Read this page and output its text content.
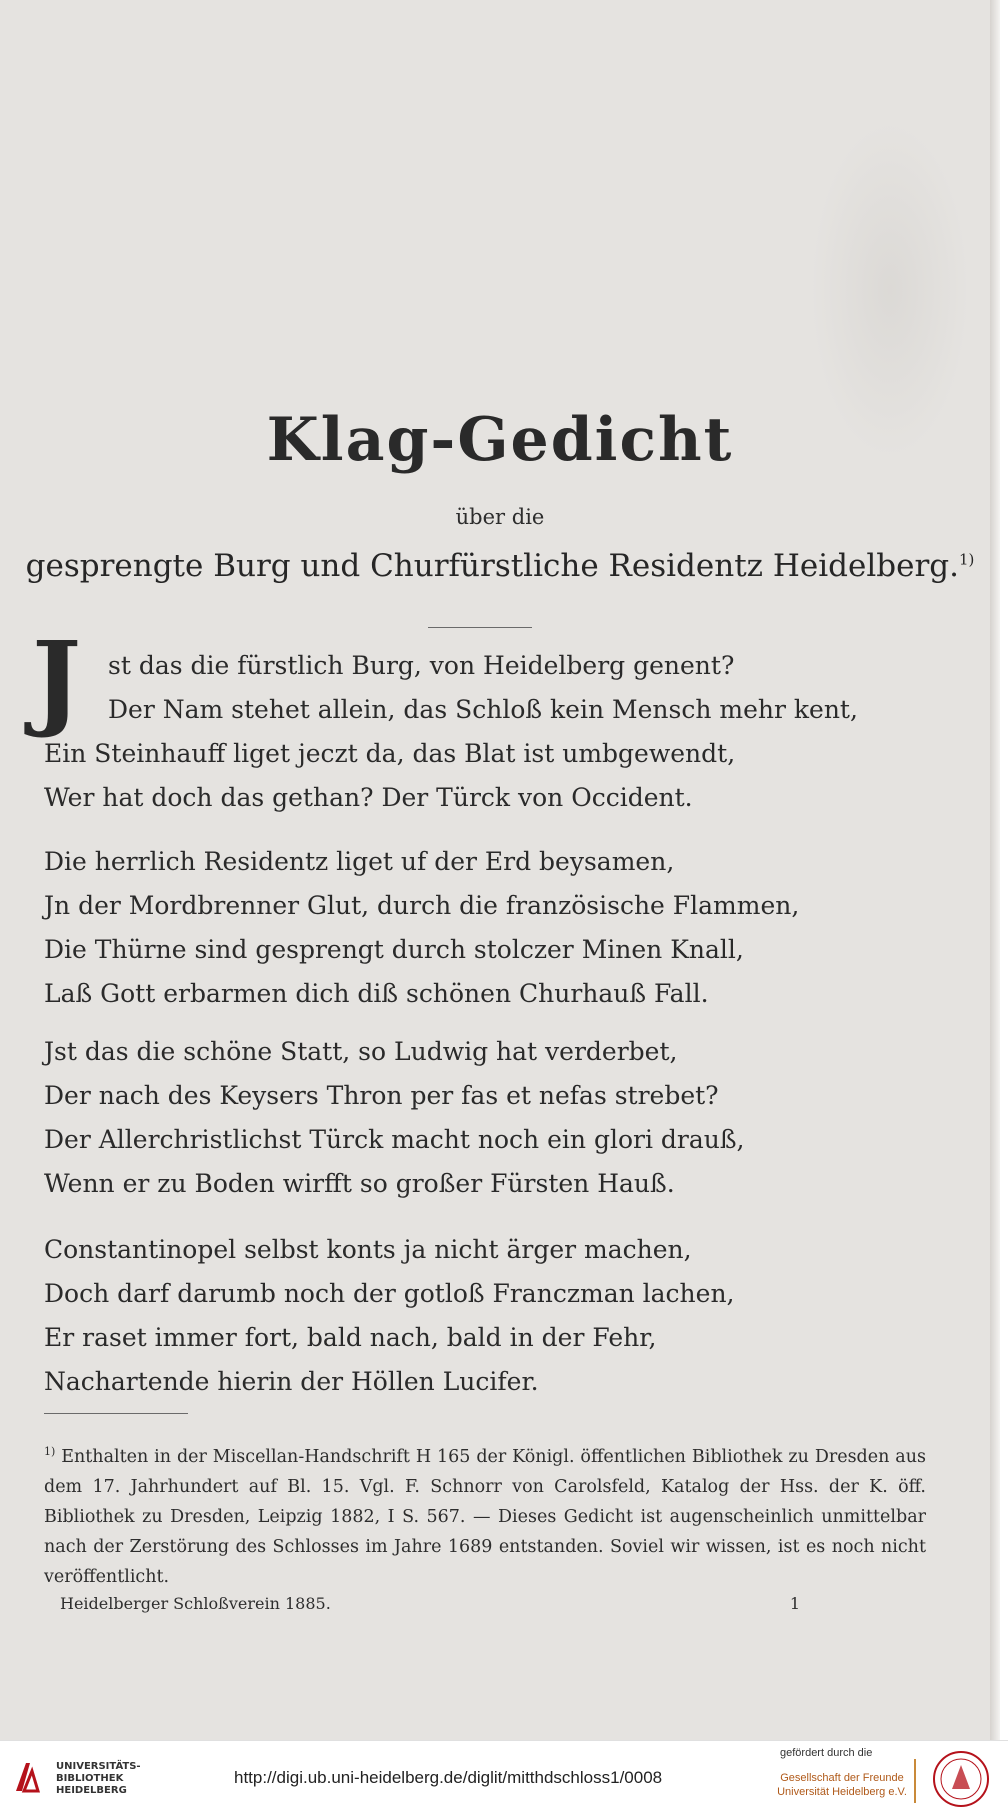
Klag-Gedicht
über die
gesprengte Burg und Churfürstliche Residentz Heidelberg.$^{1)}$
J	st das die fürstlich Burg, von Heidelberg genent?
Der Nam stehet allein, das Schloß kein Mensch mehr kent,
Ein Steinhauff liget jeczt da, das Blat ist umbgewendt,
Wer hat doch das gethan? Der Türck von Occident.
Die herrlich Residentz liget uf der Erd beysamen,
Jn der Mordbrenner Glut, durch die französische Flammen,
Die Thürne sind gesprengt durch stolczer Minen Knall,
Laß Gott erbarmen dich diß schönen Churhauß Fall.
Jst das die schöne Statt, so Ludwig hat verderbet,
Der nach des Keysers Thron per fas et nefas strebet?
Der Allerchristlichst Türck macht noch ein glori drauß,
Wenn er zu Boden wirfft so großer Fürsten Hauß.
Constantinopel selbst konts ja nicht ärger machen,
Doch darf darumb noch der gotloß Franczman lachen,
Er raset immer fort, bald nach, bald in der Fehr,
Nachartende hierin der Höllen Lucifer.
$^{1)}$ Enthalten in der Miscellan-Handschrift H 165 der Königl. öffentlichen Bibliothek zu Dresden aus dem 17. Jahrhundert auf Bl. 15. Vgl. F. Schnorr von Carolsfeld, Katalog der Hss. der K. öff. Bibliothek zu Dresden, Leipzig 1882, I S. 567. — Dieses Gedicht ist augenscheinlich unmittelbar nach der Zerstörung des Schlosses im Jahre 1689 entstanden. Soviel wir wissen, ist es noch nicht veröffentlicht.
Heidelberger Schloßverein 1885.	1
UNIVERSITÄTS-
BIBLIOTHEK
HEIDELBERG
http://digi.ub.uni-heidelberg.de/diglit/mitthdschloss1/0008
gefördert durch die
Gesellschaft der Freunde
Universität Heidelberg e.V.
